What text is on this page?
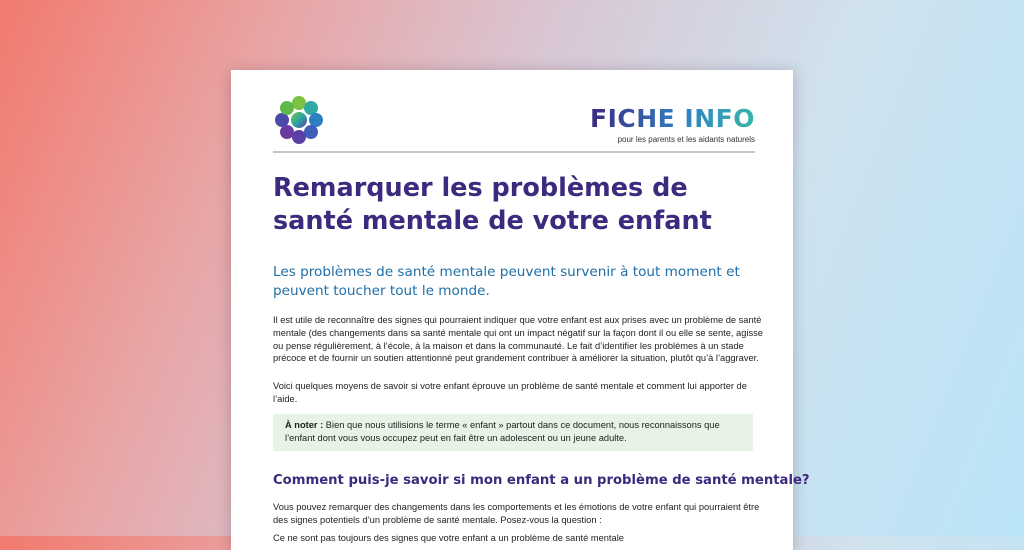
FICHE INFO
pour les parents et les aidants naturels
Remarquer les problèmes de santé mentale de votre enfant

Les problèmes de santé mentale peuvent survenir à tout moment et peuvent toucher tout le monde.

Il est utile de reconnaître des signes qui pourraient indiquer que votre enfant est aux prises avec un problème de santé mentale (des changements dans sa santé mentale qui ont un impact négatif sur la façon dont il ou elle se sente, agisse ou pense régulièrement, à l’école, à la maison et dans la communauté. Le fait d’identifier les problèmes à un stade précoce et de fournir un soutien attentionné peut grandement contribuer à améliorer la situation, plutôt qu’à l’aggraver.

Voici quelques moyens de savoir si votre enfant éprouve un problème de santé mentale et comment lui apporter de l’aide.

À noter : Bien que nous utilisions le terme « enfant » partout dans ce document, nous reconnaissons que l’enfant dont vous vous occupez peut en fait être un adolescent ou un jeune adulte.
Comment puis-je savoir si mon enfant a un problème de santé mentale?

Vous pouvez remarquer des changements dans les comportements et les émotions de votre enfant qui pourraient être des signes potentiels d’un problème de santé mentale. Posez-vous la question :

Ce ne sont pas toujours des signes que votre enfant a un problème de santé mentale
